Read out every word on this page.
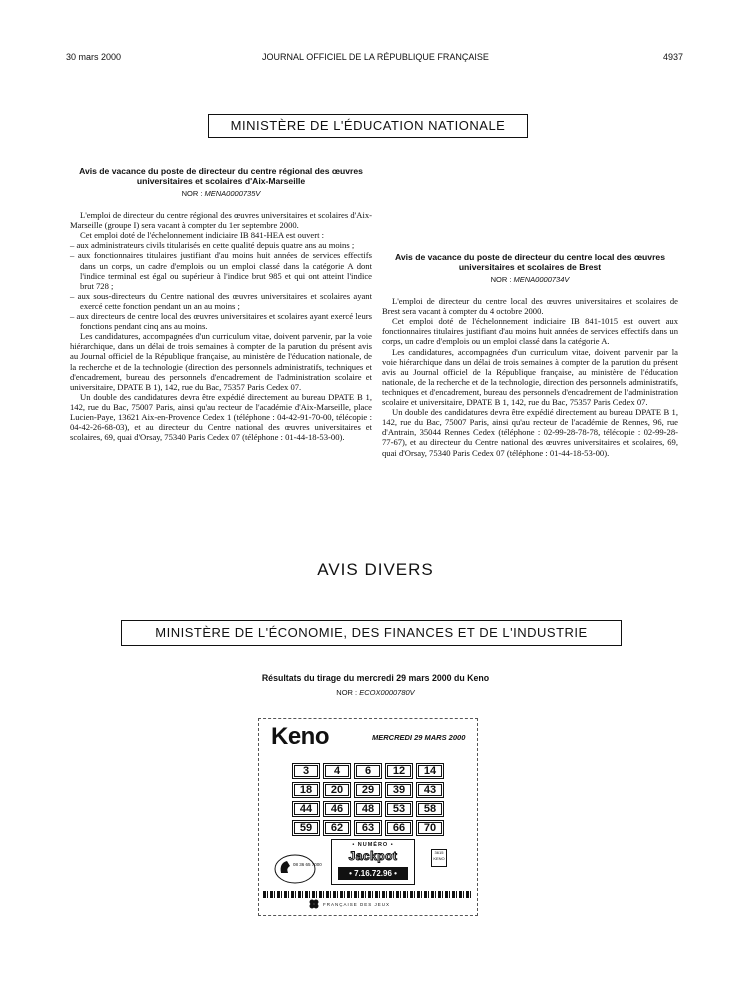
30 mars 2000	JOURNAL OFFICIEL DE LA RÉPUBLIQUE FRANÇAISE	4937
MINISTÈRE DE L'ÉDUCATION NATIONALE
Avis de vacance du poste de directeur du centre régional des œuvres universitaires et scolaires d'Aix-Marseille
NOR : MENA0000735V

L'emploi de directeur du centre régional des œuvres universitaires et scolaires d'Aix-Marseille (groupe I) sera vacant à compter du 1er septembre 2000.

Cet emploi doté de l'échelonnement indiciaire IB 841-HEA est ouvert :

– aux administrateurs civils titularisés en cette qualité depuis quatre ans au moins ;
– aux fonctionnaires titulaires justifiant d'au moins huit années de services effectifs dans un corps, un cadre d'emplois ou un emploi classé dans la catégorie A dont l'indice terminal est égal ou supérieur à l'indice brut 985 et qui ont atteint l'indice brut 728 ;
– aux sous-directeurs du Centre national des œuvres universitaires et scolaires ayant exercé cette fonction pendant un an au moins ;
– aux directeurs de centre local des œuvres universitaires et scolaires ayant exercé leurs fonctions pendant cinq ans au moins.

Les candidatures, accompagnées d'un curriculum vitae, doivent parvenir, par la voie hiérarchique, dans un délai de trois semaines à compter de la parution du présent avis au Journal officiel de la République française, au ministère de l'éducation nationale, de la recherche et de la technologie (direction des personnels administratifs, techniques et d'encadrement, bureau des personnels d'encadrement de l'administration scolaire et universitaire, DPATE B 1), 142, rue du Bac, 75357 Paris Cedex 07.

Un double des candidatures devra être expédié directement au bureau DPATE B 1, 142, rue du Bac, 75007 Paris, ainsi qu'au recteur de l'académie d'Aix-Marseille, place Lucien-Paye, 13621 Aix-en-Provence Cedex 1 (téléphone : 04-42-91-70-00, télécopie : 04-42-26-68-03), et au directeur du Centre national des œuvres universitaires et scolaires, 69, quai d'Orsay, 75340 Paris Cedex 07 (téléphone : 01-44-18-53-00).

Avis de vacance du poste de directeur du centre local des œuvres universitaires et scolaires de Brest
NOR : MENA0000734V

L'emploi de directeur du centre local des œuvres universitaires et scolaires de Brest sera vacant à compter du 4 octobre 2000.

Cet emploi doté de l'échelonnement indiciaire IB 841-1015 est ouvert aux fonctionnaires titulaires justifiant d'au moins huit années de services effectifs dans un corps, un cadre d'emplois ou un emploi classé dans la catégorie A.

Les candidatures, accompagnées d'un curriculum vitae, doivent parvenir par la voie hiérarchique dans un délai de trois semaines à compter de la parution du présent avis au Journal officiel de la République française, au ministère de l'éducation nationale, de la recherche et de la technologie, direction des personnels administratifs, techniques et d'encadrement, bureau des personnels d'encadrement de l'administration scolaire et universitaire, DPATE B 1, 142, rue du Bac, 75357 Paris Cedex 07.

Un double des candidatures devra être expédié directement au bureau DPATE B 1, 142, rue du Bac, 75007 Paris, ainsi qu'au recteur de l'académie de Rennes, 96, rue d'Antrain, 35044 Rennes Cedex (téléphone : 02-99-28-78-78, télécopie : 02-99-28-77-67), et au directeur du Centre national des œuvres universitaires et scolaires, 69, quai d'Orsay, 75340 Paris Cedex 07 (téléphone : 01-44-18-53-00).

AVIS DIVERS
MINISTÈRE DE L'ÉCONOMIE, DES FINANCES ET DE L'INDUSTRIE
Résultats du tirage du mercredi 29 mars 2000 du Keno
NOR : ECOX0000780V
Keno	MERCREDI 29 MARS 2000
3	4	6	12	14
18	20	29	39	43
44	46	48	53	58
59	62	63	66	70
08 36 65 7000
• NUMÉRO •
Jackpot
• 7.16.72.96 •
3615 KENO
FRANÇAISE DES JEUX
